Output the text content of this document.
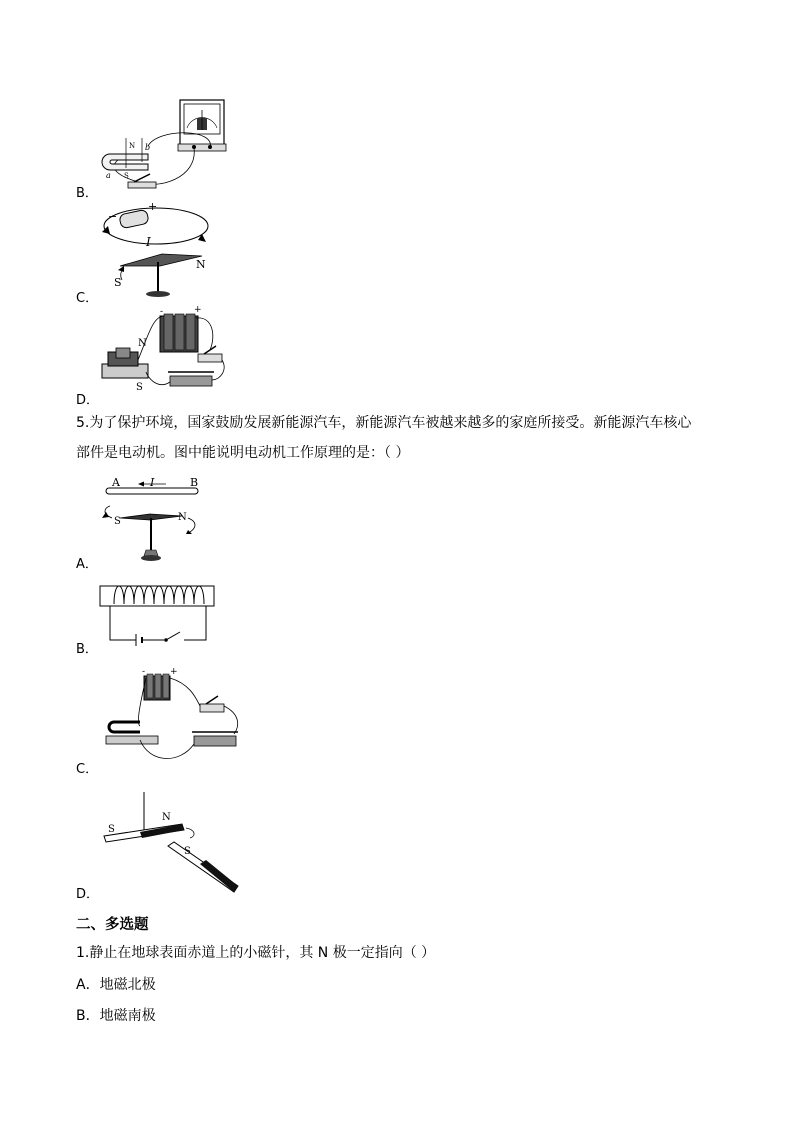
N b
a S
B．
−
+
I
N
S
C．
N
S
-	+
D．
5.为了保护环境，国家鼓励发展新能源汽车，新能源汽车被越来越多的家庭所接受。新能源汽车核心
部件是电动机。图中能说明电动机工作原理的是：（ ）
A	I	B
S	N
A．
B．
-	+
C．
S
N
S
D．
二、多选题
1.静止在地球表面赤道上的小磁针，其 N 极一定指向（ ）
A．地磁北极
B．地磁南极
